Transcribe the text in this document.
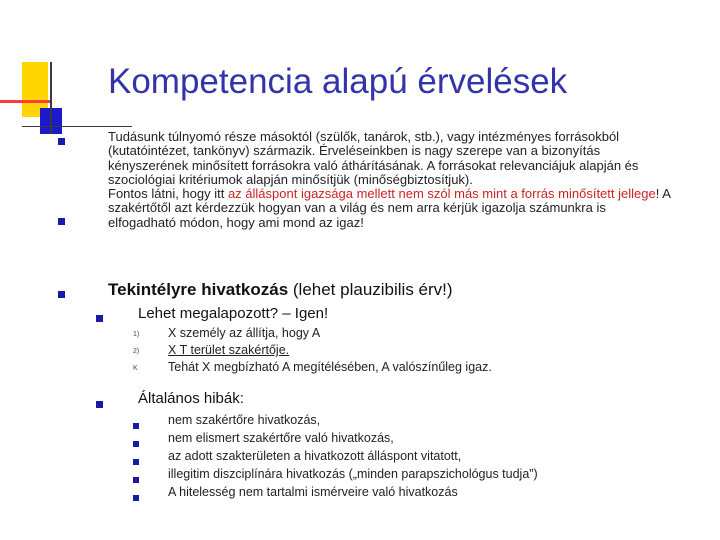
Kompetencia alapú érvelések
Tudásunk túlnyomó része másoktól (szülők, tanárok, stb.), vagy intézményes forrásokból (kutatóintézet, tankönyv) származik. Érveléseinkben is nagy szerepe van a bizonyítás kényszerének minősített forrásokra való áthárításának. A forrásokat relevanciájuk alapján és szociológiai kritériumok alapján minősítjük (minőségbiztosítjuk).
Fontos látni, hogy itt az álláspont igazsága mellett nem szól más mint a forrás minősített jellege! A szakértőtől azt kérdezzük hogyan van a világ és nem arra kérjük igazolja számunkra is elfogadható módon, hogy ami mond az igaz!
Tekintélyre hivatkozás (lehet plauzibilis érv!)
Lehet megalapozott? – Igen!
1) X személy az állítja, hogy A
2) X T terület szakértője.
K Tehát X megbízható A megítélésében, A valószínűleg igaz.
Általános hibák:
nem szakértőre hivatkozás,
nem elismert szakértőre való hivatkozás,
az adott szakterületen a hivatkozott álláspont vitatott,
illegitim diszciplínára hivatkozás („minden parapszichológus tudja”)
A hitelesség nem tartalmi ismérveire való hivatkozás
